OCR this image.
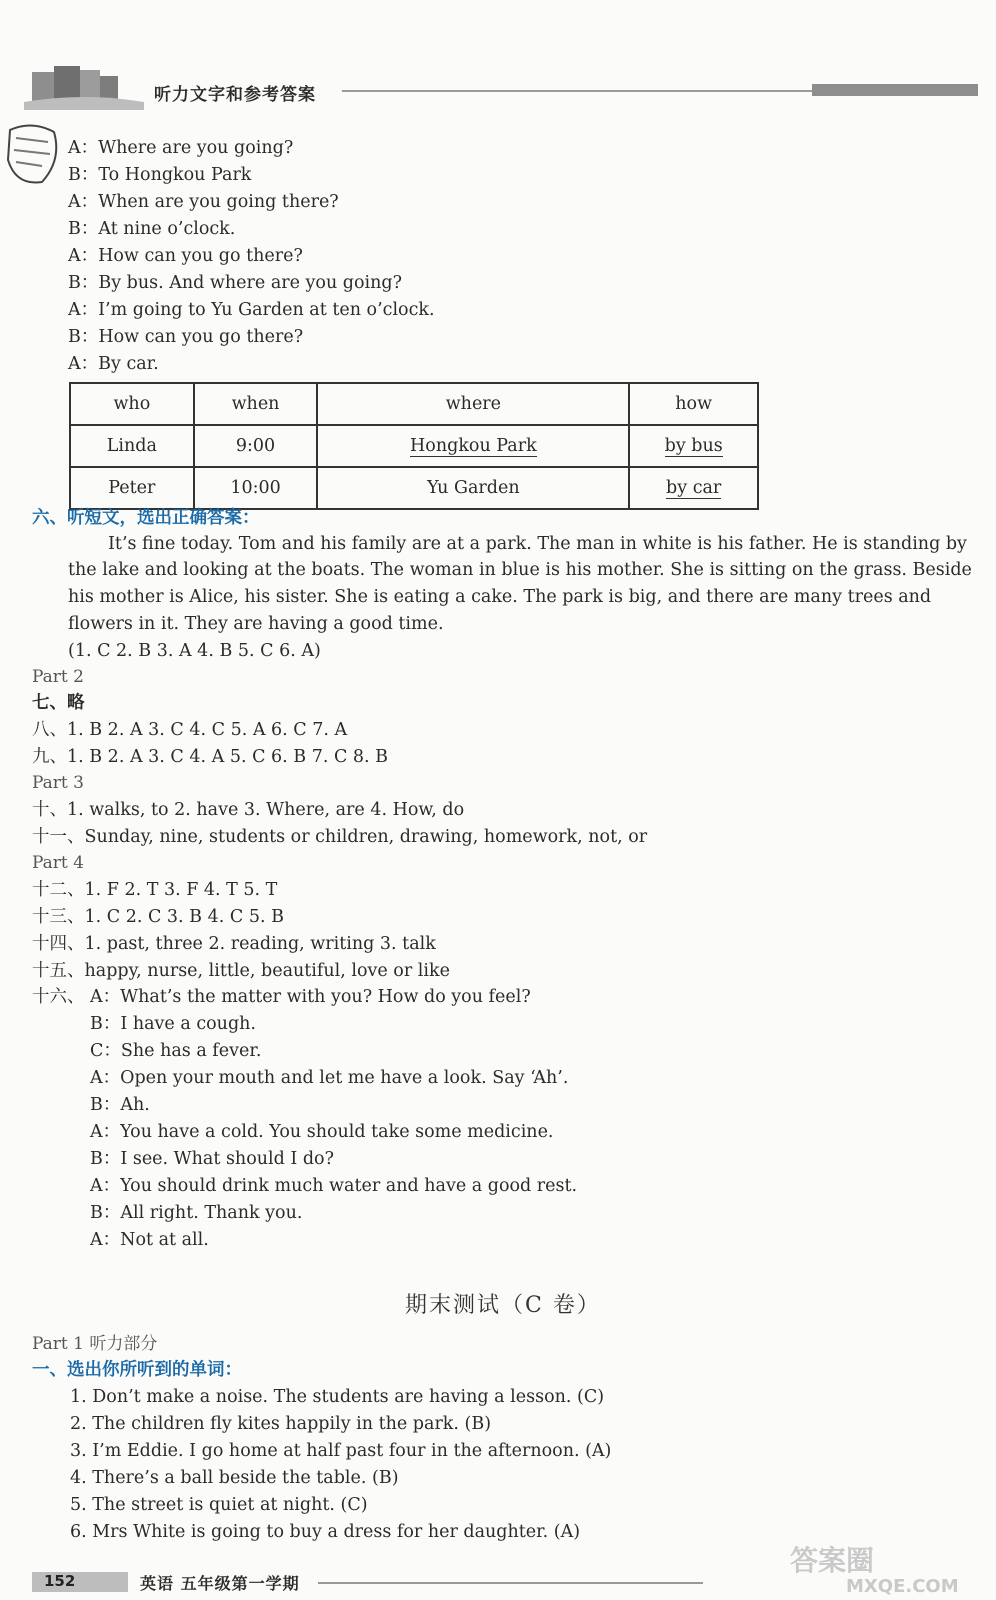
听力文字和参考答案
A：Where are you going?
B：To Hongkou Park
A：When are you going there?
B：At nine o’clock.
A：How can you go there?
B：By bus. And where are you going?
A：I’m going to Yu Garden at ten o’clock.
B：How can you go there?
A：By car.
who	when	where	how
Linda	9:00	Hongkou Park	by bus
Peter	10:00	Yu Garden	by car
六、听短文，选出正确答案：
It’s fine today. Tom and his family are at a park. The man in white is his father. He is standing by
the lake and looking at the boats. The woman in blue is his mother. She is sitting on the grass. Beside
his mother is Alice, his sister. She is eating a cake. The park is big, and there are many trees and
flowers in it. They are having a good time.
(1. C 2. B 3. A 4. B 5. C 6. A)
Part 2
七、略
八、1. B 2. A 3. C 4. C 5. A 6. C 7. A
九、1. B 2. A 3. C 4. A 5. C 6. B 7. C 8. B
Part 3
十、1. walks, to 2. have 3. Where, are 4. How, do
十一、Sunday, nine, students or children, drawing, homework, not, or
Part 4
十二、1. F 2. T 3. F 4. T 5. T
十三、1. C 2. C 3. B 4. C 5. B
十四、1. past, three 2. reading, writing 3. talk
十五、happy, nurse, little, beautiful, love or like
十六、 A：What’s the matter with you? How do you feel?
B：I have a cough.
C：She has a fever.
A：Open your mouth and let me have a look. Say ‘Ah’.
B：Ah.
A：You have a cold. You should take some medicine.
B：I see. What should I do?
A：You should drink much water and have a good rest.
B：All right. Thank you.
A：Not at all.
期末测试（C 卷）
Part 1 听力部分
一、选出你所听到的单词：
1. Don’t make a noise. The students are having a lesson. (C)
2. The children fly kites happily in the park. (B)
3. I’m Eddie. I go home at half past four in the afternoon. (A)
4. There’s a ball beside the table. (B)
5. The street is quiet at night. (C)
6. Mrs White is going to buy a dress for her daughter. (A)
152	英语 五年级第一学期
答案圈
MXQE.COM
